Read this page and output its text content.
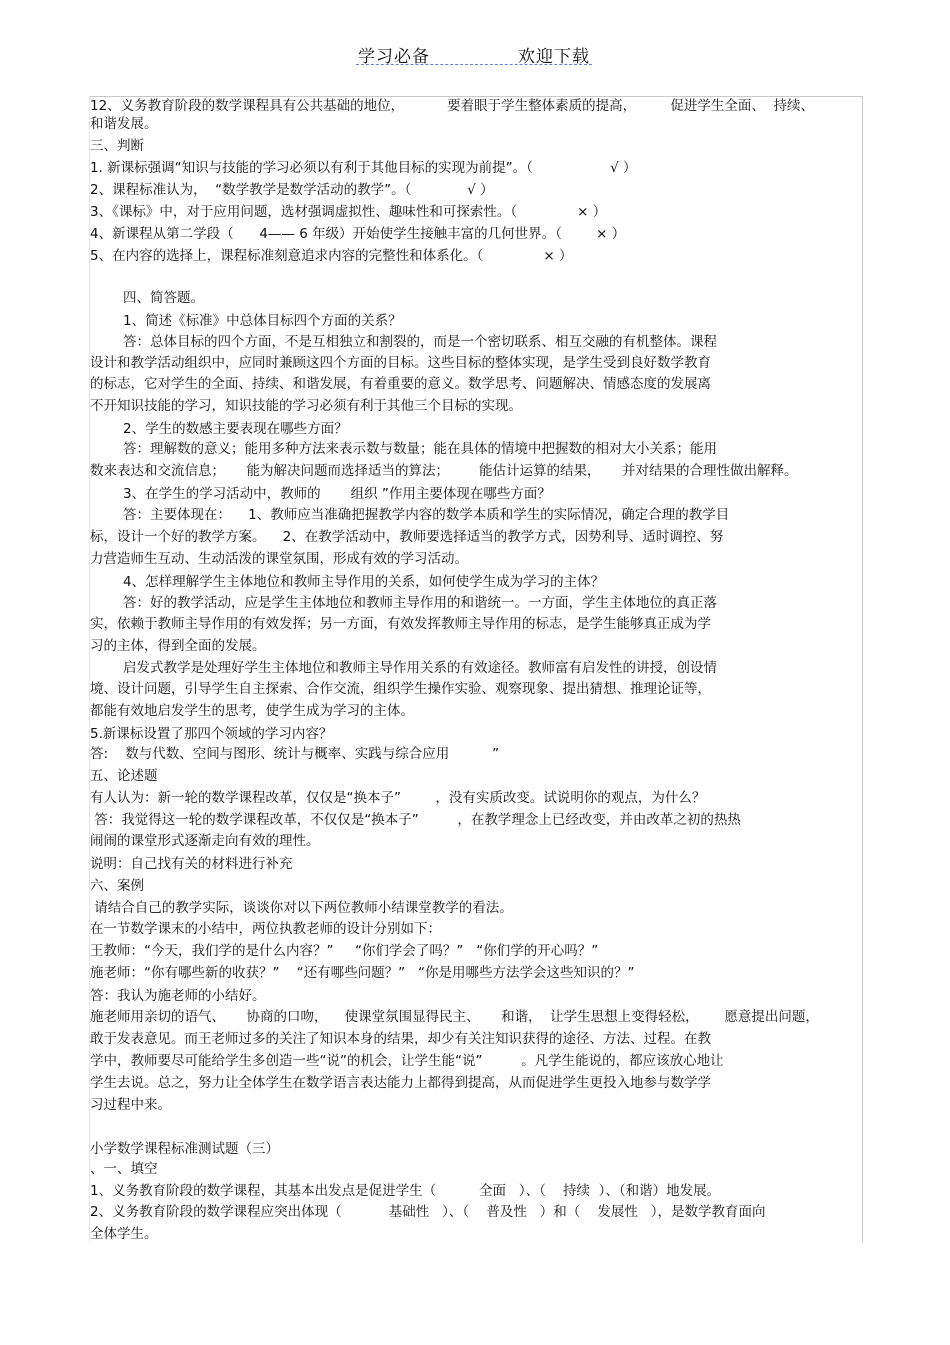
学习必备	欢迎下载
12、义务教育阶段的数学课程具有公共基础的地位，          要着眼于学生整体素质的提高，        促进学生全面、  持续、
和谐发展。
三、判断
1. 新课标强调“知识与技能的学习必须以有利于其他目标的实现为前提”。（                  √ ）
2、课程标准认为，  “数学教学是数学活动的教学”。（             √ ）
3、《课标》中，对于应用问题，选材强调虚拟性、趣味性和可探索性。（              × ）
4、新课程从第二学段（      4—— 6 年级）开始使学生接触丰富的几何世界。（        × ）
5、在内容的选择上，课程标准刻意追求内容的完整性和体系化。（              × ）
四、简答题。
1、简述《标准》中总体目标四个方面的关系？
答：总体目标的四个方面，不是互相独立和割裂的，而是一个密切联系、相互交融的有机整体。课程
设计和教学活动组织中，应同时兼顾这四个方面的目标。这些目标的整体实现，是学生受到良好数学教育
的标志，它对学生的全面、持续、和谐发展，有着重要的意义。数学思考、问题解决、情感态度的发展离
不开知识技能的学习，知识技能的学习必须有利于其他三个目标的实现。
2、学生的数感主要表现在哪些方面？
答：理解数的意义；能用多种方法来表示数与数量；能在具体的情境中把握数的相对大小关系；能用
数来表达和交流信息；     能为解决问题而选择适当的算法；       能估计运算的结果，     并对结果的合理性做出解释。
3、在学生的学习活动中，教师的       组织 ”作用主要体现在哪些方面？
答：主要体现在：    1、教师应当准确把握教学内容的数学本质和学生的实际情况，确定合理的教学目
标，设计一个好的教学方案。    2、在教学活动中，教师要选择适当的教学方式，因势利导、适时调控、努
力营造师生互动、生动活泼的课堂氛围，形成有效的学习活动。
4、怎样理解学生主体地位和教师主导作用的关系，如何使学生成为学习的主体？
答：好的教学活动，应是学生主体地位和教师主导作用的和谐统一。一方面，学生主体地位的真正落
实，依赖于教师主导作用的有效发挥；另一方面，有效发挥教师主导作用的标志，是学生能够真正成为学
习的主体，得到全面的发展。
启发式教学是处理好学生主体地位和教师主导作用关系的有效途径。教师富有启发性的讲授，创设情
境、设计问题，引导学生自主探索、合作交流，组织学生操作实验、观察现象、提出猜想、推理论证等，
都能有效地启发学生的思考，使学生成为学习的主体。
5.新课标设置了那四个领域的学习内容？
答:    数与代数、空间与图形、统计与概率、实践与综合应用          ”
五、论述题
有人认为：新一轮的数学课程改革，仅仅是“换本子”        ，没有实质改变。试说明你的观点，为什么？
答：我觉得这一轮的数学课程改革，不仅仅是“换本子”         ，在教学理念上已经改变，并由改革之初的热热
闹闹的课堂形式逐渐走向有效的理性。
说明：自己找有关的材料进行补充
六、案例
请结合自己的教学实际，谈谈你对以下两位教师小结课堂教学的看法。
在一节数学课末的小结中，两位执教老师的设计分别如下：
王教师：“今天，我们学的是什么内容？”     “你们学会了吗？”   “你们学的开心吗？”
施老师：“你有哪些新的收获？”    “还有哪些问题？”   “你是用哪些方法学会这些知识的？”
答：我认为施老师的小结好。
施老师用亲切的语气、     协商的口吻，    使课堂氛围显得民主、     和谐，  让学生思想上变得轻松，      愿意提出问题，
敢于发表意见。而王老师过多的关注了知识本身的结果，却少有关注知识获得的途径、方法、过程。在教
学中，教师要尽可能给学生多创造一些“说”的机会，让学生能“说”         。凡学生能说的，都应该放心地让
学生去说。总之，努力让全体学生在数学语言表达能力上都得到提高，从而促进学生更投入地参与数学学
习过程中来。
小学数学课程标准测试题（三）
、一、填空
1、义务教育阶段的数学课程，其基本出发点是促进学生（          全面   ）、（    持续  ）、（和谐）地发展。
2、义务教育阶段的数学课程应突出体现（           基础性   ）、（    普及性   ）和（    发展性   ），是数学教育面向
全体学生。
